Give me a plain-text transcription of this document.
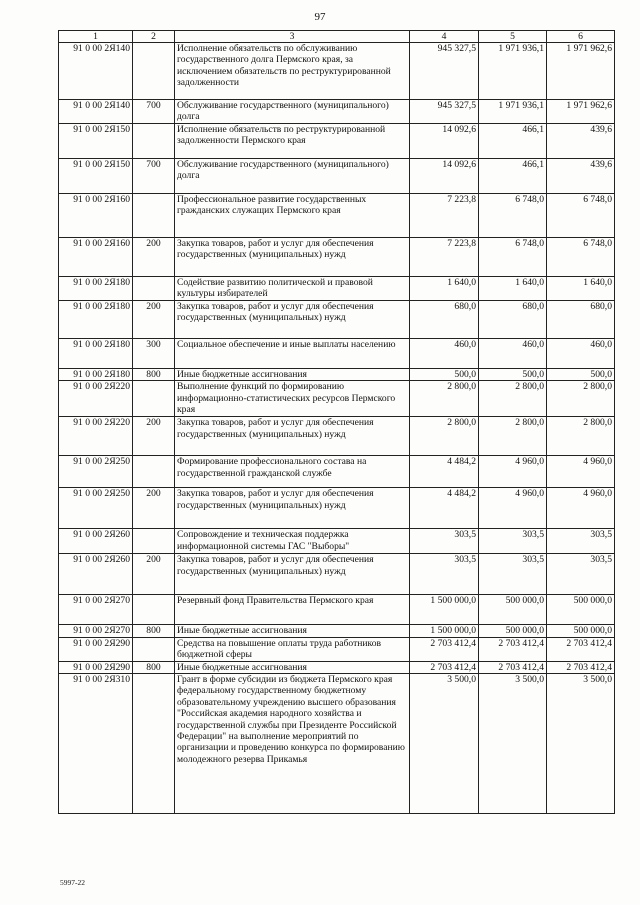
97
1	2	3	4	5	6
91 0 00 2Я140		Исполнение обязательств по обслуживанию государственного долга Пермского края, за исключением обязательств по реструктурированной задолженности	945 327,5	1 971 936,1	1 971 962,6
91 0 00 2Я140	700	Обслуживание государственного (муниципального) долга	945 327,5	1 971 936,1	1 971 962,6
91 0 00 2Я150		Исполнение обязательств по реструктурированной задолженности Пермского края	14 092,6	466,1	439,6
91 0 00 2Я150	700	Обслуживание государственного (муниципального) долга	14 092,6	466,1	439,6
91 0 00 2Я160		Профессиональное развитие государственных гражданских служащих Пермского края	7 223,8	6 748,0	6 748,0
91 0 00 2Я160	200	Закупка товаров, работ и услуг для обеспечения государственных (муниципальных) нужд	7 223,8	6 748,0	6 748,0
91 0 00 2Я180		Содействие развитию политической и правовой культуры избирателей	1 640,0	1 640,0	1 640,0
91 0 00 2Я180	200	Закупка товаров, работ и услуг для обеспечения государственных (муниципальных) нужд	680,0	680,0	680,0
91 0 00 2Я180	300	Социальное обеспечение и иные выплаты населению	460,0	460,0	460,0
91 0 00 2Я180	800	Иные бюджетные ассигнования	500,0	500,0	500,0
91 0 00 2Я220		Выполнение функций по формированию информационно-статистических ресурсов Пермского края	2 800,0	2 800,0	2 800,0
91 0 00 2Я220	200	Закупка товаров, работ и услуг для обеспечения государственных (муниципальных) нужд	2 800,0	2 800,0	2 800,0
91 0 00 2Я250		Формирование профессионального состава на государственной гражданской службе	4 484,2	4 960,0	4 960,0
91 0 00 2Я250	200	Закупка товаров, работ и услуг для обеспечения государственных (муниципальных) нужд	4 484,2	4 960,0	4 960,0
91 0 00 2Я260		Сопровождение и техническая поддержка информационной системы ГАС "Выборы"	303,5	303,5	303,5
91 0 00 2Я260	200	Закупка товаров, работ и услуг для обеспечения государственных (муниципальных) нужд	303,5	303,5	303,5
91 0 00 2Я270		Резервный фонд Правительства Пермского края	1 500 000,0	500 000,0	500 000,0
91 0 00 2Я270	800	Иные бюджетные ассигнования	1 500 000,0	500 000,0	500 000,0
91 0 00 2Я290		Средства на повышение оплаты труда работников бюджетной сферы	2 703 412,4	2 703 412,4	2 703 412,4
91 0 00 2Я290	800	Иные бюджетные ассигнования	2 703 412,4	2 703 412,4	2 703 412,4
91 0 00 2Я310		Грант в форме субсидии из бюджета Пермского края федеральному государственному бюджетному образовательному учреждению высшего образования "Российская академия народного хозяйства и государственной службы при Президенте Российской Федерации" на выполнение мероприятий по организации и проведению конкурса по формированию молодежного резерва Прикамья	3 500,0	3 500,0	3 500,0
5997-22
